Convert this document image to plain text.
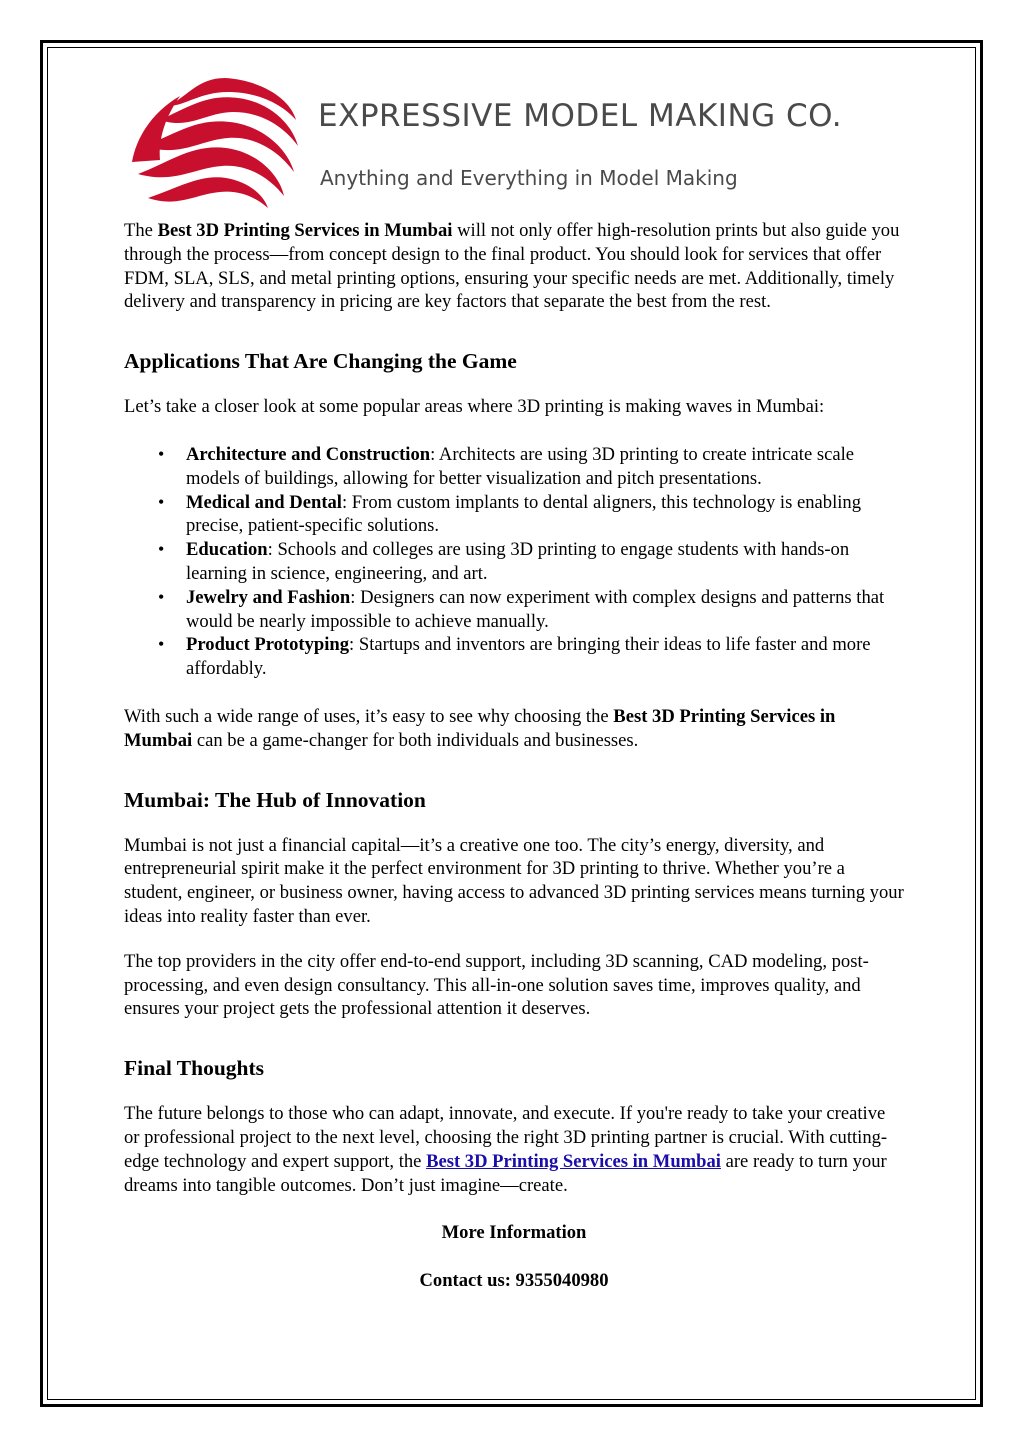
EXPRESSIVE MODEL MAKING CO.
Anything and Everything in Model Making

The Best 3D Printing Services in Mumbai will not only offer high-resolution prints but also guide you through the process—from concept design to the final product. You should look for services that offer FDM, SLA, SLS, and metal printing options, ensuring your specific needs are met. Additionally, timely delivery and transparency in pricing are key factors that separate the best from the rest.

Applications That Are Changing the Game

Let’s take a closer look at some popular areas where 3D printing is making waves in Mumbai:

• Architecture and Construction: Architects are using 3D printing to create intricate scale models of buildings, allowing for better visualization and pitch presentations.
• Medical and Dental: From custom implants to dental aligners, this technology is enabling precise, patient-specific solutions.
• Education: Schools and colleges are using 3D printing to engage students with hands-on learning in science, engineering, and art.
• Jewelry and Fashion: Designers can now experiment with complex designs and patterns that would be nearly impossible to achieve manually.
• Product Prototyping: Startups and inventors are bringing their ideas to life faster and more affordably.

With such a wide range of uses, it’s easy to see why choosing the Best 3D Printing Services in Mumbai can be a game-changer for both individuals and businesses.

Mumbai: The Hub of Innovation

Mumbai is not just a financial capital—it’s a creative one too. The city’s energy, diversity, and entrepreneurial spirit make it the perfect environment for 3D printing to thrive. Whether you’re a student, engineer, or business owner, having access to advanced 3D printing services means turning your ideas into reality faster than ever.

The top providers in the city offer end-to-end support, including 3D scanning, CAD modeling, post-processing, and even design consultancy. This all-in-one solution saves time, improves quality, and ensures your project gets the professional attention it deserves.

Final Thoughts

The future belongs to those who can adapt, innovate, and execute. If you're ready to take your creative or professional project to the next level, choosing the right 3D printing partner is crucial. With cutting-edge technology and expert support, the Best 3D Printing Services in Mumbai are ready to turn your dreams into tangible outcomes. Don’t just imagine—create.

More Information

Contact us: 9355040980
